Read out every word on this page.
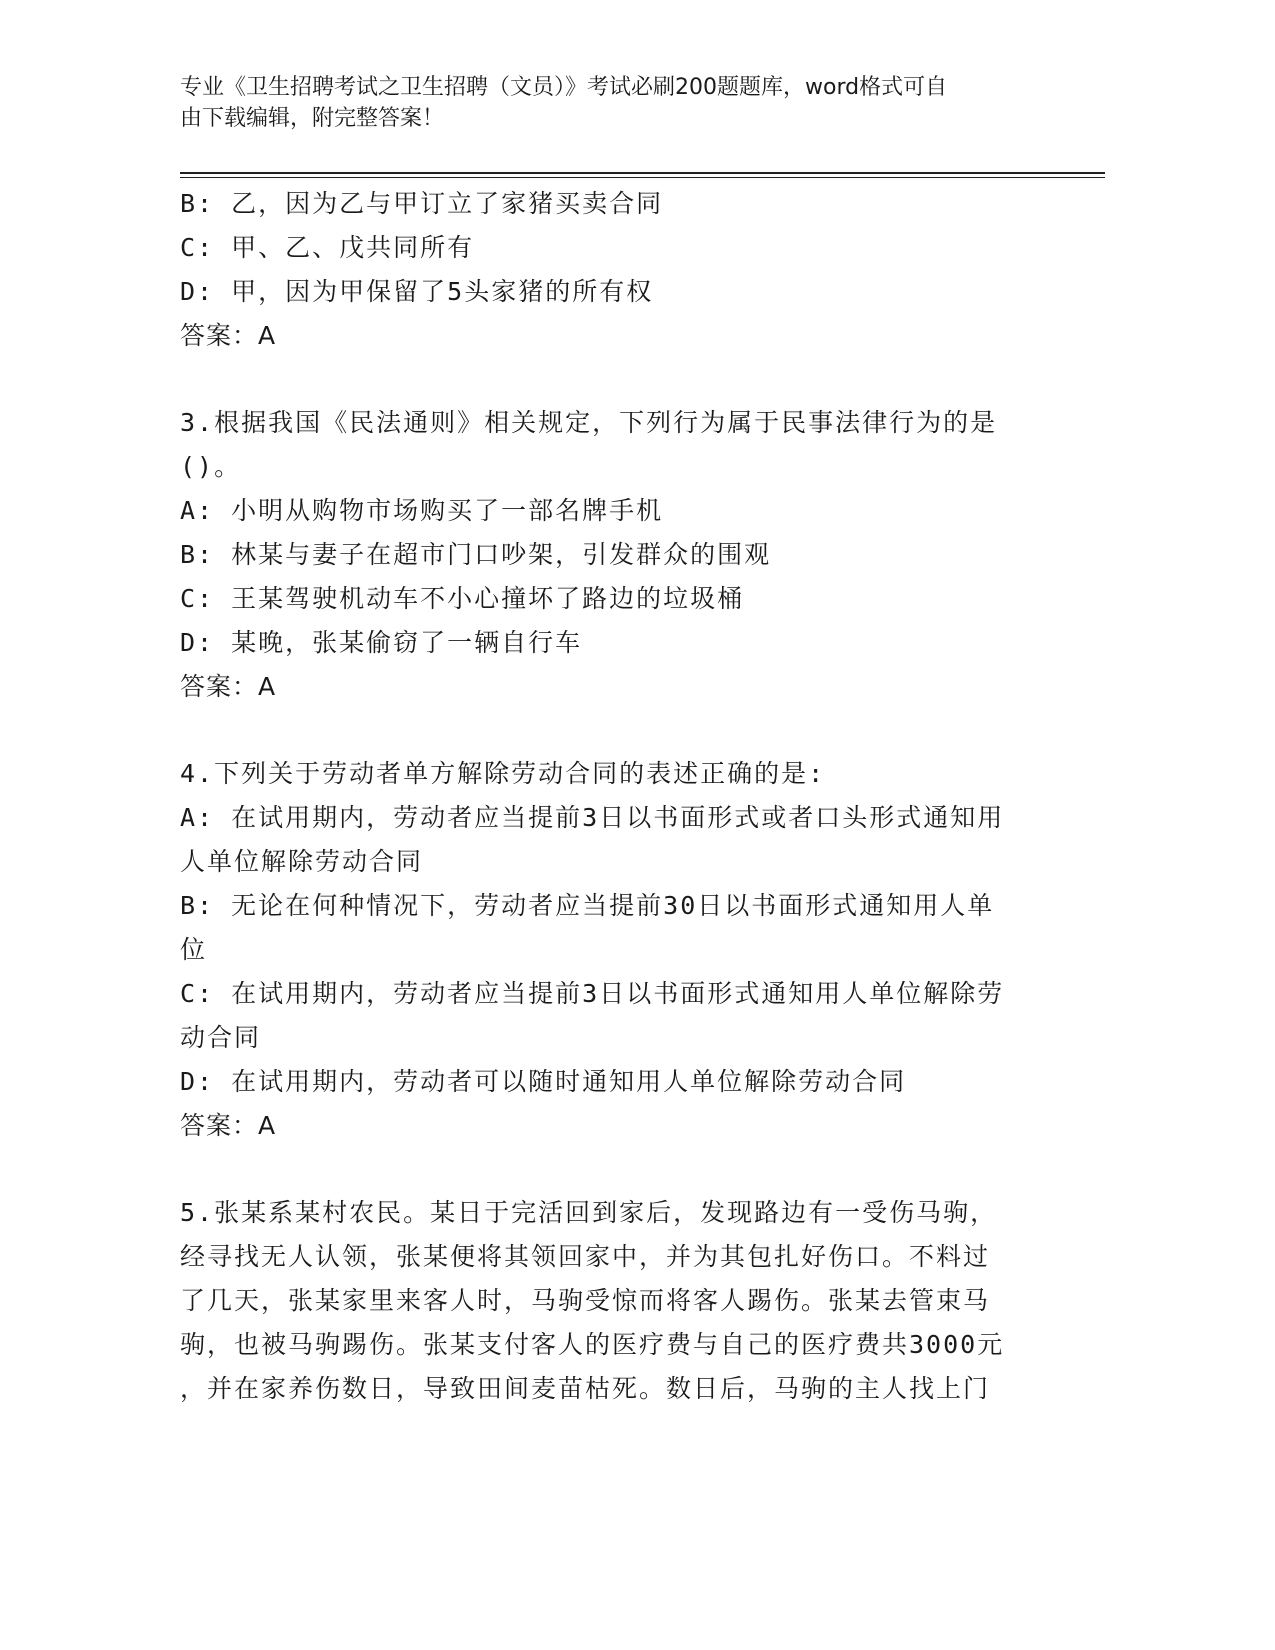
专业《卫生招聘考试之卫生招聘（文员）》考试必刷200题题库，word格式可自
由下载编辑，附完整答案！
B: 乙，因为乙与甲订立了家猪买卖合同
C: 甲、乙、戊共同所有
D: 甲，因为甲保留了5头家猪的所有权
答案：A
3.根据我国《民法通则》相关规定，下列行为属于民事法律行为的是
()。
A: 小明从购物市场购买了一部名牌手机
B: 林某与妻子在超市门口吵架，引发群众的围观
C: 王某驾驶机动车不小心撞坏了路边的垃圾桶
D: 某晚，张某偷窃了一辆自行车
答案：A
4.下列关于劳动者单方解除劳动合同的表述正确的是:
A: 在试用期内，劳动者应当提前3日以书面形式或者口头形式通知用
人单位解除劳动合同
B: 无论在何种情况下，劳动者应当提前30日以书面形式通知用人单
位
C: 在试用期内，劳动者应当提前3日以书面形式通知用人单位解除劳
动合同
D: 在试用期内，劳动者可以随时通知用人单位解除劳动合同
答案：A
5.张某系某村农民。某日于完活回到家后，发现路边有一受伤马驹，
经寻找无人认领，张某便将其领回家中，并为其包扎好伤口。不料过
了几天，张某家里来客人时，马驹受惊而将客人踢伤。张某去管束马
驹，也被马驹踢伤。张某支付客人的医疗费与自己的医疗费共3000元
，并在家养伤数日，导致田间麦苗枯死。数日后，马驹的主人找上门
